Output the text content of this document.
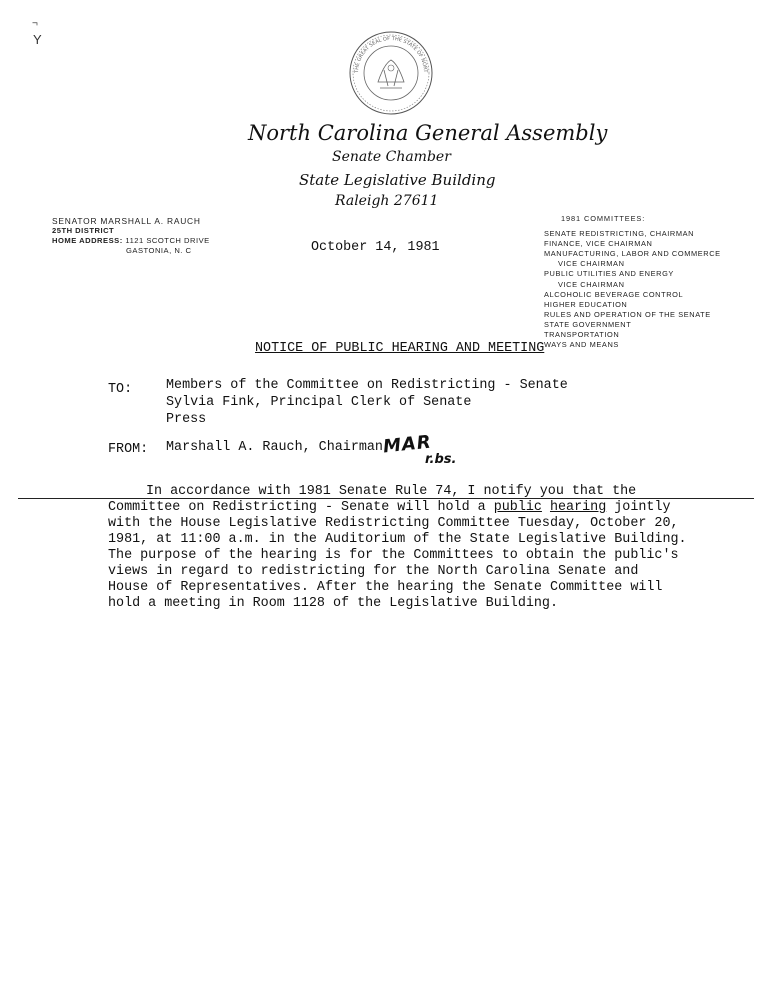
THE GREAT SEAL OF THE STATE OF NORT
¬
Y
North Carolina General Assembly
Senate Chamber
State Legislative Building
Raleigh 27611
SENATOR MARSHALL A. RAUCH
25TH DISTRICT
HOME ADDRESS: 1121 SCOTCH DRIVE
GASTONIA, N. C	October 14, 1981
1981 COMMITTEES:
SENATE REDISTRICTING, CHAIRMAN
FINANCE, VICE CHAIRMAN
MANUFACTURING, LABOR AND COMMERCE
VICE CHAIRMAN
PUBLIC UTILITIES AND ENERGY
VICE CHAIRMAN
ALCOHOLIC BEVERAGE CONTROL
HIGHER EDUCATION
RULES AND OPERATION OF THE SENATE
STATE GOVERNMENT
TRANSPORTATION
WAYS AND MEANS
NOTICE OF PUBLIC HEARING AND MEETING
TO:	Members of the Committee on Redistricting - Senate
Sylvia Fink, Principal Clerk of Senate
Press
FROM: Marshall A. Rauch, Chairman MAR
r.bs.
In accordance with 1981 Senate Rule 74, I notify you that the
Committee on Redistricting - Senate will hold a public hearing jointly
with the House Legislative Redistricting Committee Tuesday, October 20,
1981, at 11:00 a.m. in the Auditorium of the State Legislative Building.
The purpose of the hearing is for the Committees to obtain the public's
views in regard to redistricting for the North Carolina Senate and
House of Representatives. After the hearing the Senate Committee will
hold a meeting in Room 1128 of the Legislative Building.
